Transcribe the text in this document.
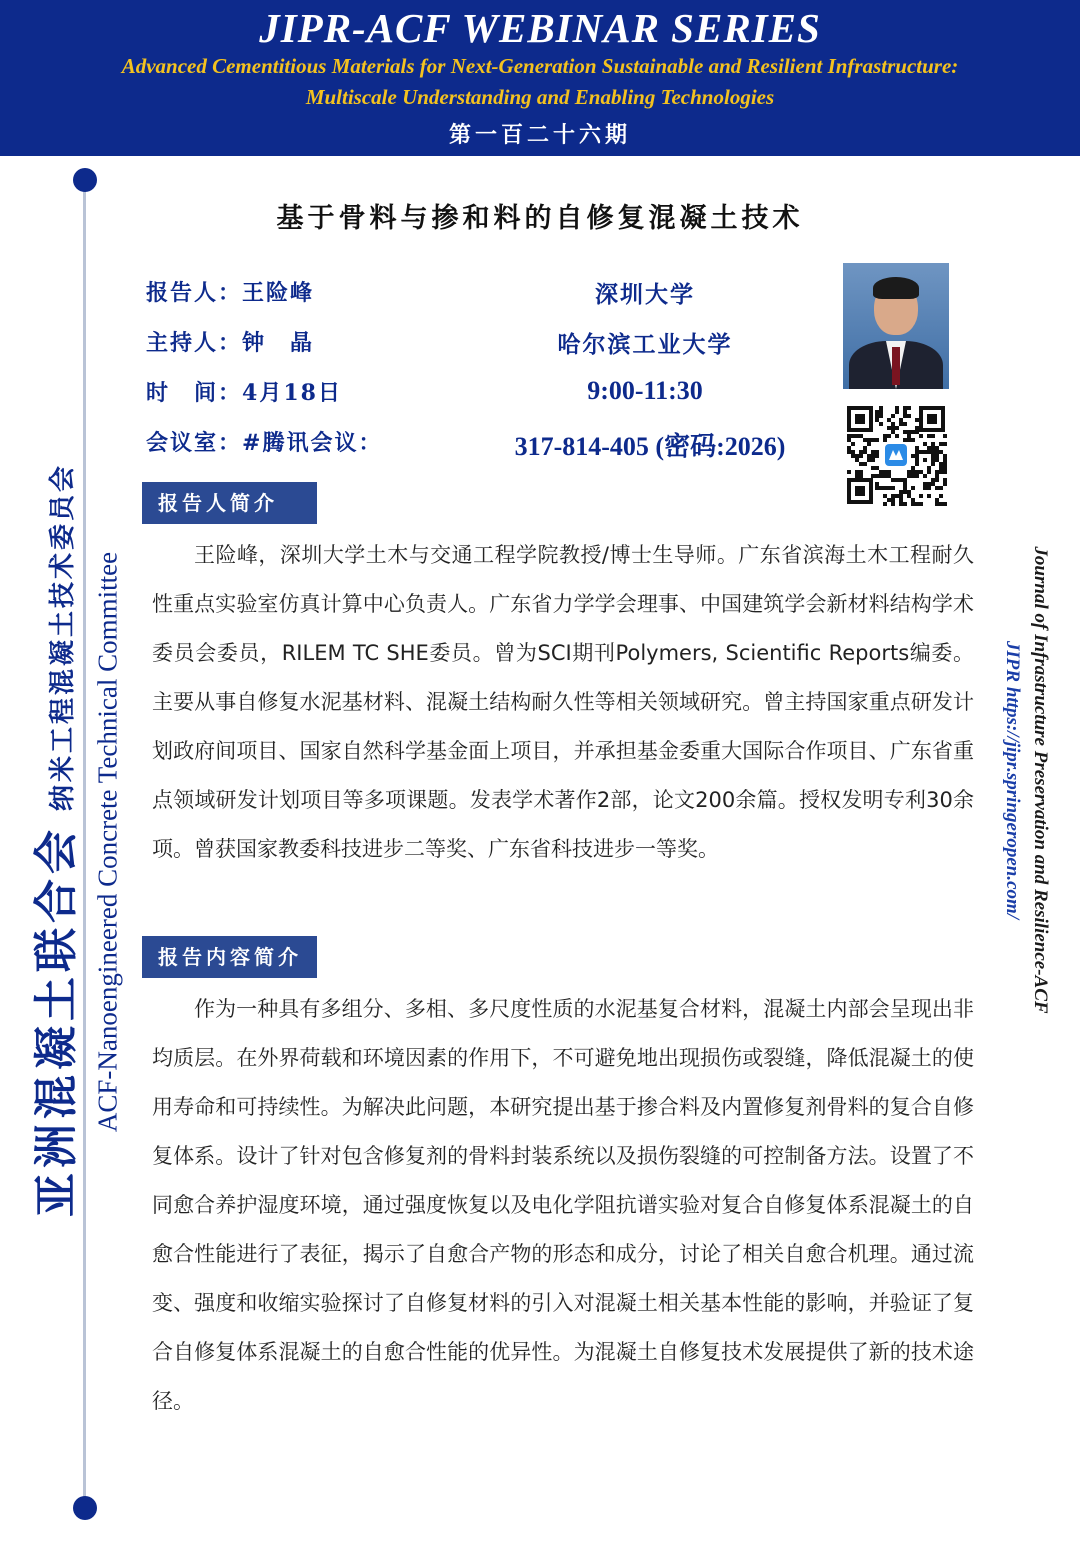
JIPR-ACF WEBINAR SERIES
Advanced Cementitious Materials for Next-Generation Sustainable and Resilient Infrastructure:
Multiscale Understanding and Enabling Technologies
第一百二十六期
亚洲混凝土联合会纳米工程混凝土技术委员会 ACF-Nanoengineered Concrete Technical Committee	Journal of Infrastructure Preservation and Resilience-ACF
JIPR https://jipr.springeropen.com/
基于骨料与掺和料的自修复混凝土技术
报告人：王险峰	深圳大学
主持人：钟　晶	哈尔滨工业大学
时　间：4月18日	9:00-11:30
会议室：#腾讯会议：	317-814-405 (密码:2026)
报告人简介
王险峰，深圳大学土木与交通工程学院教授/博士生导师。广东省滨海土木工程耐久性重点实验室仿真计算中心负责人。广东省力学学会理事、中国建筑学会新材料结构学术委员会委员，RILEM TC SHE委员。曾为SCI期刊Polymers, Scientific Reports编委。主要从事自修复水泥基材料、混凝土结构耐久性等相关领域研究。曾主持国家重点研发计划政府间项目、国家自然科学基金面上项目，并承担基金委重大国际合作项目、广东省重点领域研发计划项目等多项课题。发表学术著作2部，论文200余篇。授权发明专利30余项。曾获国家教委科技进步二等奖、广东省科技进步一等奖。
报告内容简介
作为一种具有多组分、多相、多尺度性质的水泥基复合材料，混凝土内部会呈现出非均质层。在外界荷载和环境因素的作用下，不可避免地出现损伤或裂缝，降低混凝土的使用寿命和可持续性。为解决此问题，本研究提出基于掺合料及内置修复剂骨料的复合自修复体系。设计了针对包含修复剂的骨料封装系统以及损伤裂缝的可控制备方法。设置了不同愈合养护湿度环境，通过强度恢复以及电化学阻抗谱实验对复合自修复体系混凝土的自愈合性能进行了表征，揭示了自愈合产物的形态和成分，讨论了相关自愈合机理。通过流变、强度和收缩实验探讨了自修复材料的引入对混凝土相关基本性能的影响，并验证了复合自修复体系混凝土的自愈合性能的优异性。为混凝土自修复技术发展提供了新的技术途径。
